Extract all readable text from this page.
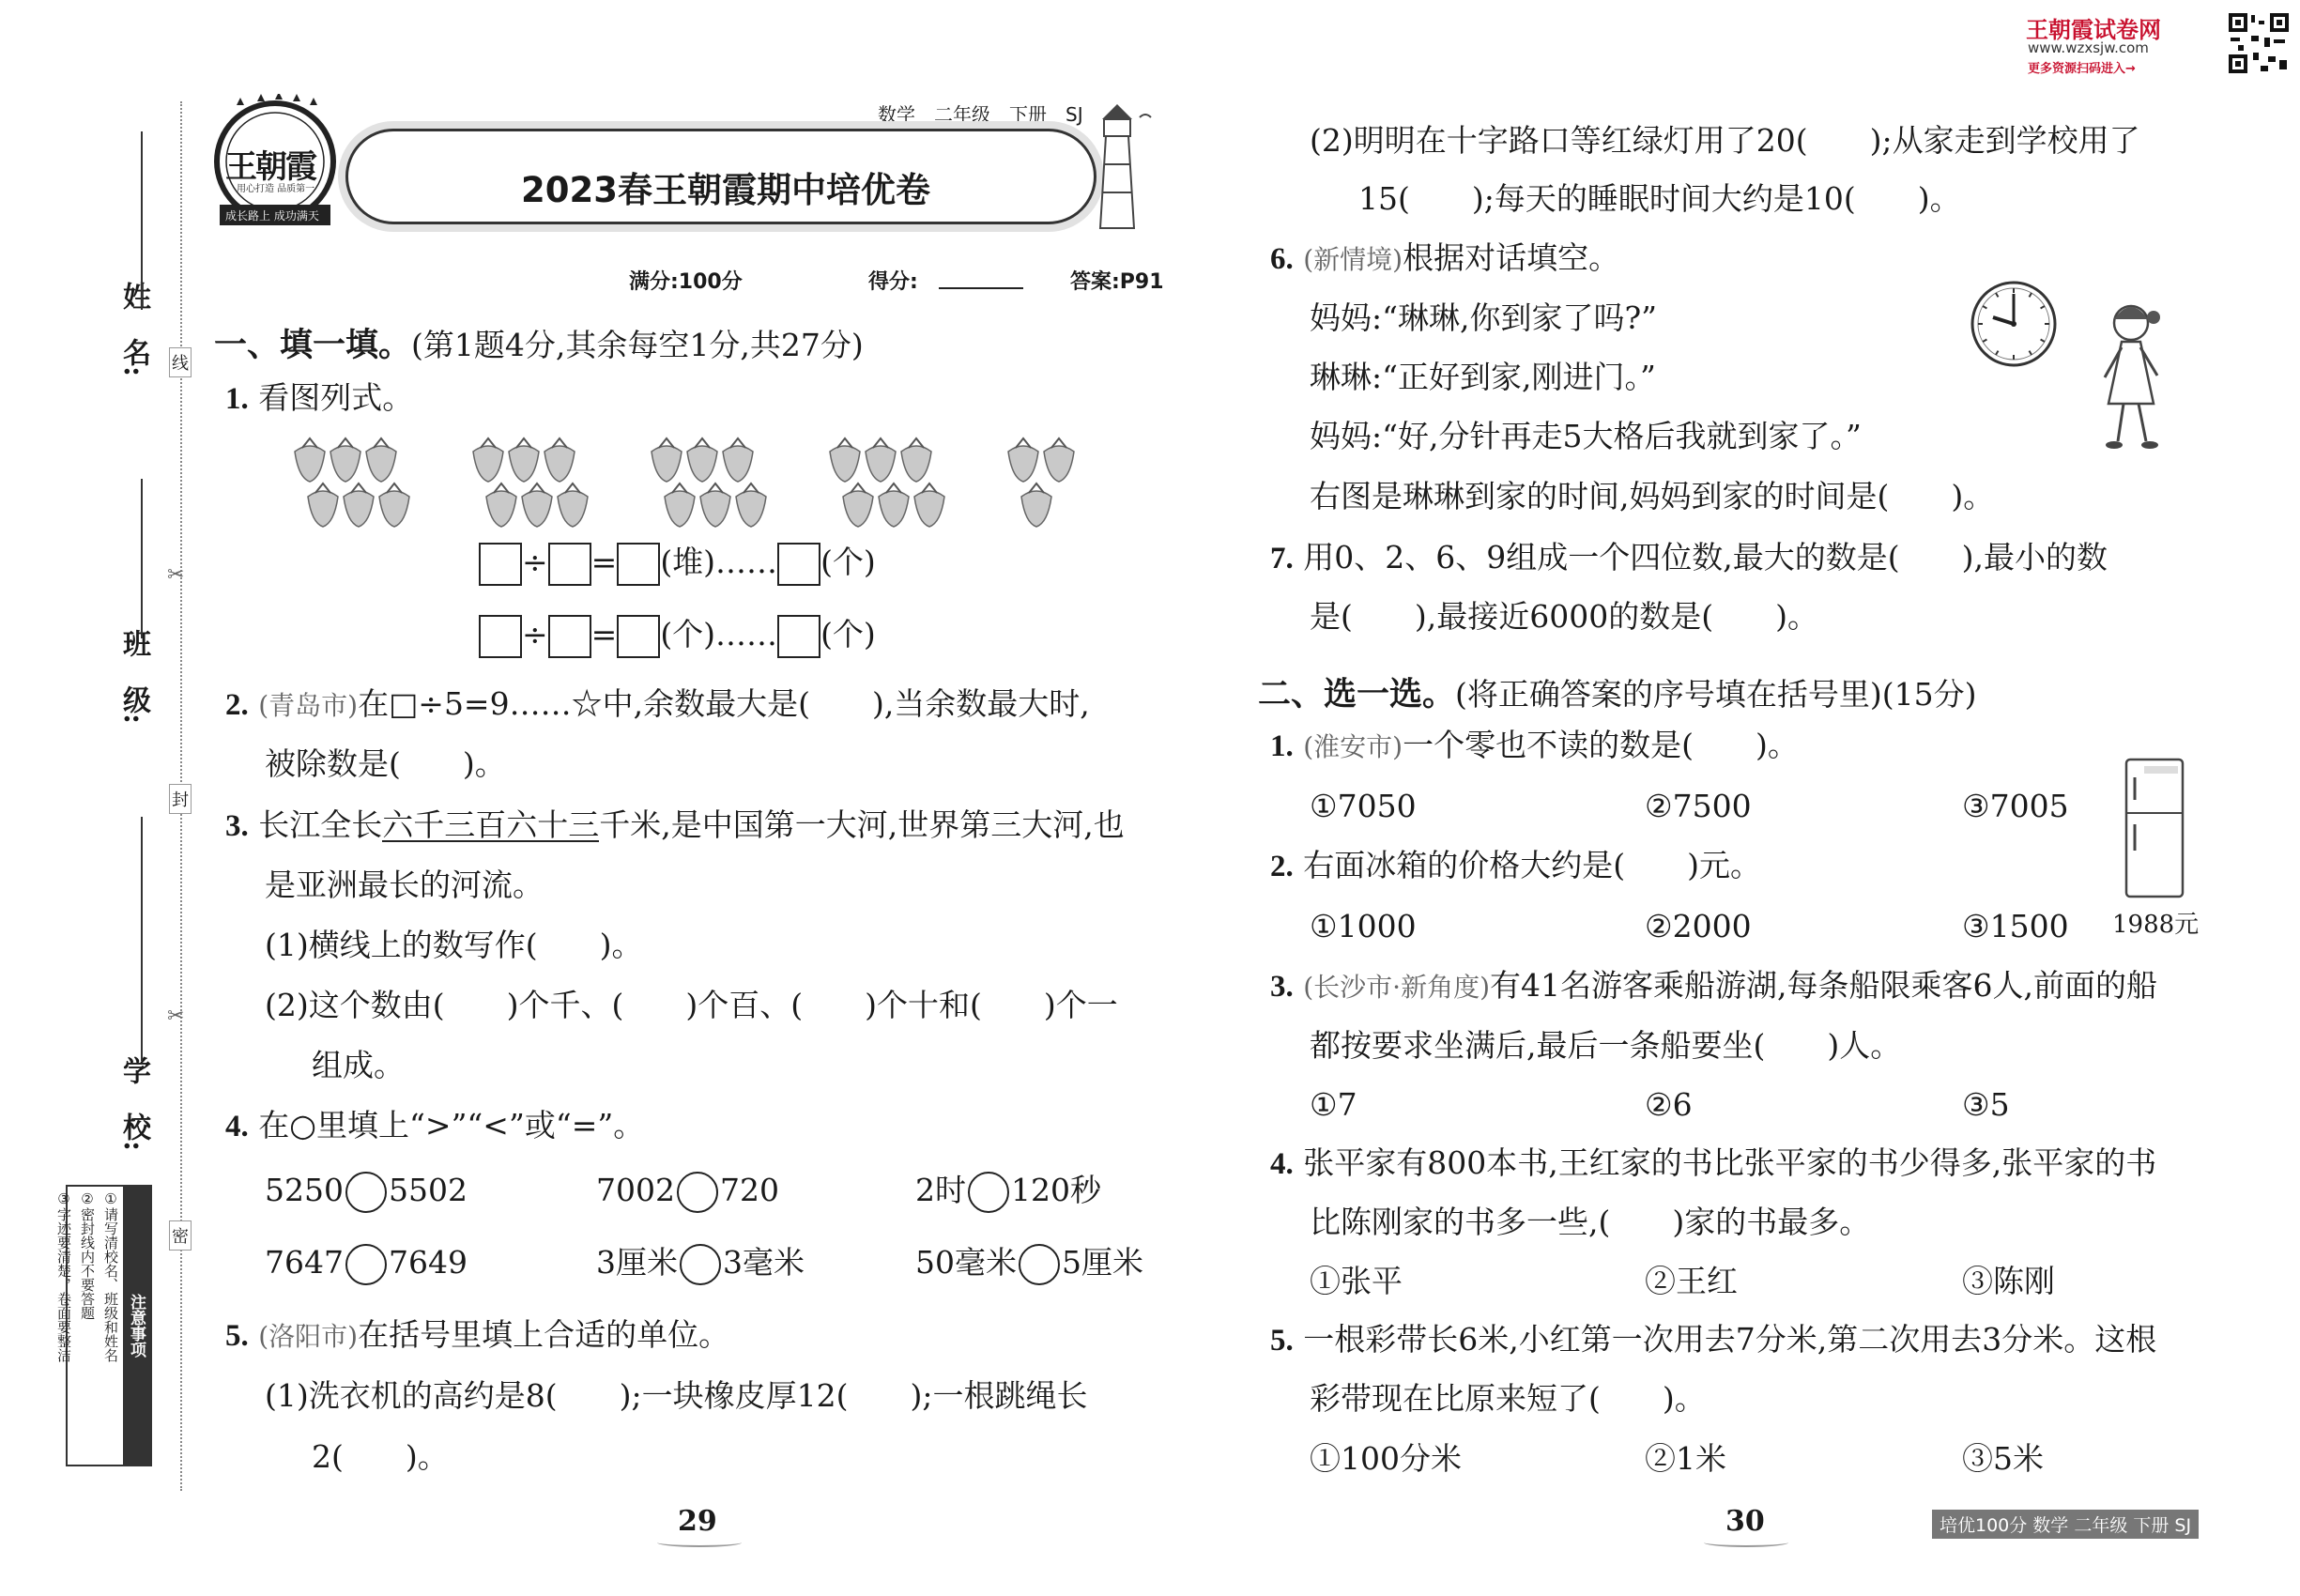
姓　名:
班　级:
学　校:
线
封
密
✂
✂
注意事项
①请写清校名、班级和姓名
②密封线内不要答题
③字迹要清楚，卷面要整洁
王朝霞
用心打造 品质第一
成长路上 成功满天
数学　二年级　下册　SJ
2023春王朝霞期中培优卷
满分:100分	得分:	答案:P91
一、填一填。(第1题4分,其余每空1分,共27分)
1. 看图列式。
÷ = (堆)…… (个)
÷ = (个)…… (个)
2. (青岛市)在□÷5=9……☆中,余数最大是(　　),当余数最大时,
被除数是(　　)。
3. 长江全长六千三百六十三千米,是中国第一大河,世界第三大河,也
是亚洲最长的河流。
(1)横线上的数写作(　　)。
(2)这个数由(　　)个千、(　　)个百、(　　)个十和(　　)个一
组成。
4. 在○里填上“>”“<”或“=”。
5250 5502	7002 720	2时 120秒
7647 7649	3厘米 3毫米	50毫米 5厘米
5. (洛阳市)在括号里填上合适的单位。
(1)洗衣机的高约是8(　　);一块橡皮厚12(　　);一根跳绳长
2(　　)。
29
王朝霞试卷网
www.wzxsjw.com
更多资源扫码进入→
(2)明明在十字路口等红绿灯用了20(　　);从家走到学校用了
15(　　);每天的睡眠时间大约是10(　　)。
6. (新情境)根据对话填空。
妈妈:“琳琳,你到家了吗?”
琳琳:“正好到家,刚进门。”
妈妈:“好,分针再走5大格后我就到家了。”
右图是琳琳到家的时间,妈妈到家的时间是(　　)。
7. 用0、2、6、9组成一个四位数,最大的数是(　　),最小的数
是(　　),最接近6000的数是(　　)。
二、选一选。(将正确答案的序号填在括号里)(15分)
1. (淮安市)一个零也不读的数是(　　)。
①7050	②7500	③7005
2. 右面冰箱的价格大约是(　　)元。
①1000	②2000	③1500 1988元
3. (长沙市·新角度)有41名游客乘船游湖,每条船限乘客6人,前面的船
都按要求坐满后,最后一条船要坐(　　)人。
①7	②6	③5
4. 张平家有800本书,王红家的书比张平家的书少得多,张平家的书
比陈刚家的书多一些,(　　)家的书最多。
①张平	②王红	③陈刚
5. 一根彩带长6米,小红第一次用去7分米,第二次用去3分米。这根
彩带现在比原来短了(　　)。
①100分米	②1米	③5米
30	培优100分 数学 二年级 下册 SJ
